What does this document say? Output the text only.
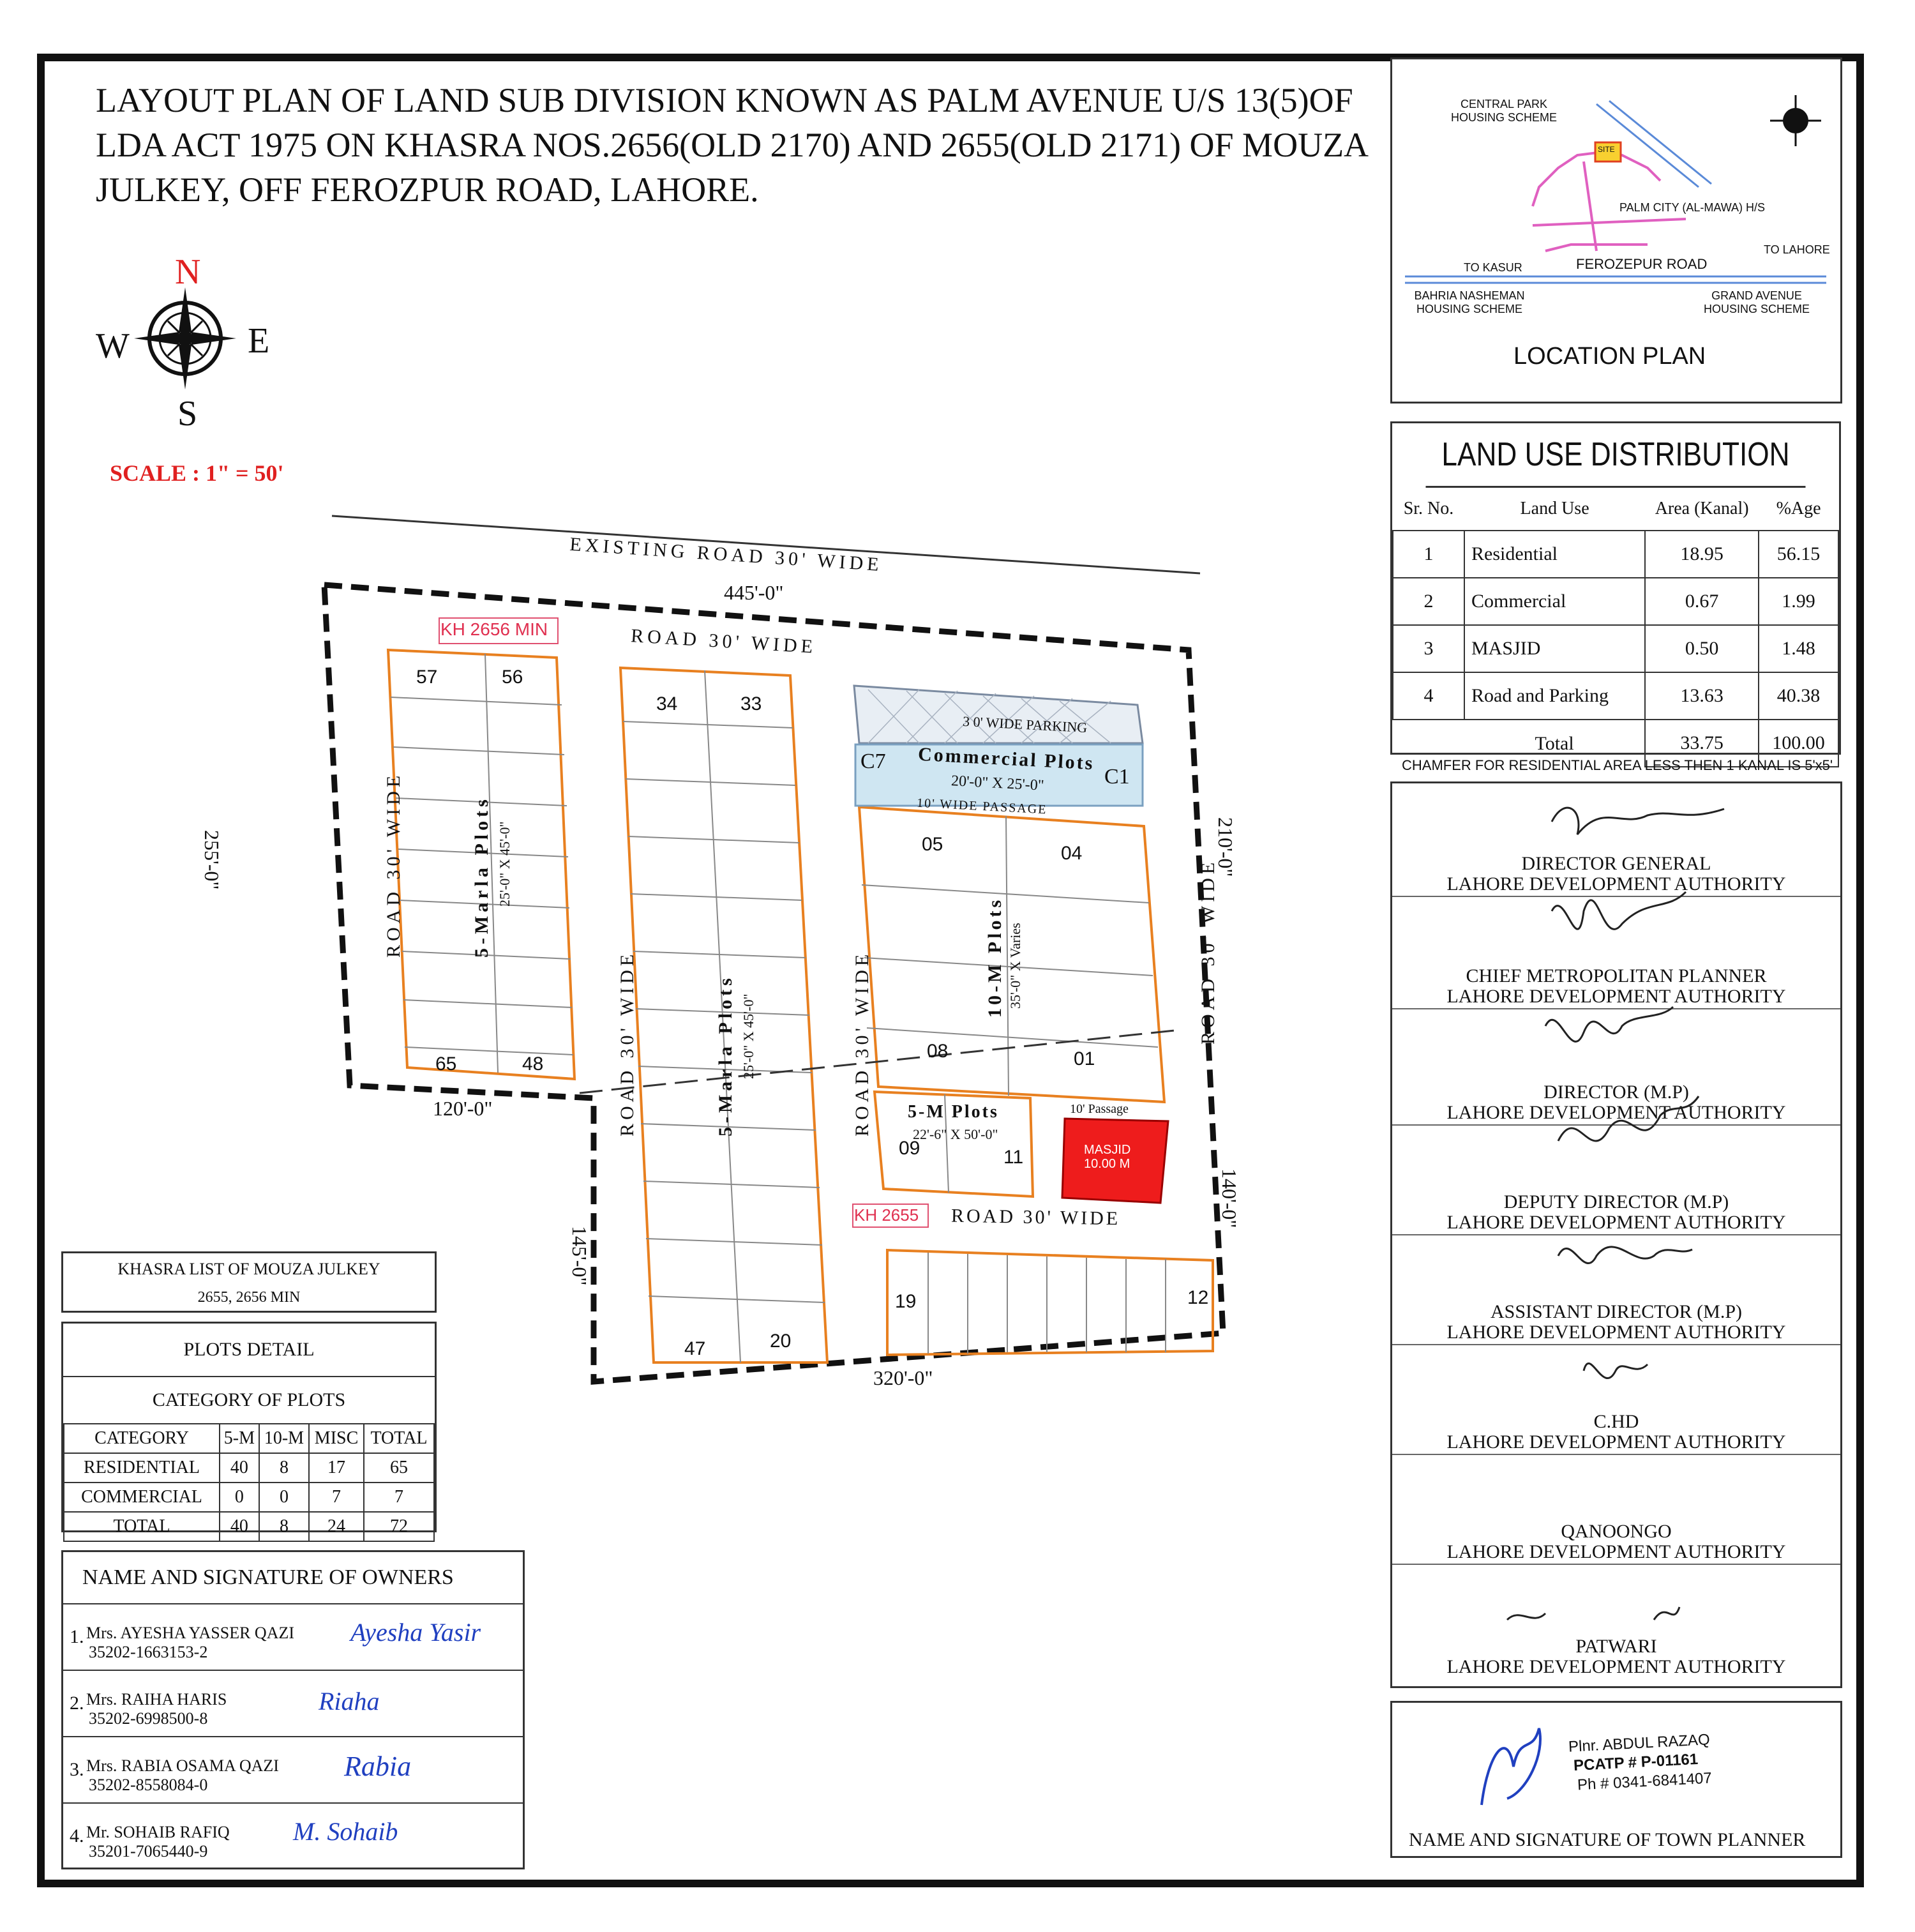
LAYOUT PLAN OF LAND SUB DIVISION KNOWN AS PALM AVENUE U/S 13(5)OF LDA ACT 1975 ON KHASRA NOS.2656(OLD 2170) AND 2655(OLD 2171) OF MOUZA JULKEY, OFF FEROZPUR ROAD, LAHORE.
N
S
E
W
SCALE : 1" = 50'
EXISTING ROAD 30' WIDE
445'-0"
ROAD 30' WIDE
KH 2656 MIN
KH 2655
255'-0"	210'-0"
140'-0"
145'-0"
320'-0"
120'-0"
ROAD 30' WIDE
ROAD 30' WIDE	ROAD 30' WIDE	ROAD 30' WIDE
ROAD 30' WIDE
3 0' WIDE PARKING
Commercial Plots
20'-0" X 25'-0"
C7
C1
10' WIDE PASSAGE
10' Passage
MASJID
10.00 M
5-Marla Plots 25'-0" X 45'-0"
5-Marla Plots 25'-0" X 45'-0"
10-M Plots 35'-0" X Varies
5-M Plots
22'-6" X 50'-0"
57	56
65	48
34	33
47	20
05	04
08	01
09	11
19	12
CENTRAL PARK HOUSING SCHEME
SITE
PALM CITY (AL-MAWA) H/S
TO KASUR	FEROZEPUR ROAD
TO LAHORE
BAHRIA NASHEMAN HOUSING SCHEME
GRAND AVENUE HOUSING SCHEME
LOCATION PLAN
LAND USE DISTRIBUTION
Sr. No.	Land Use	Area (Kanal)	%Age
1	Residential	18.95	56.15
2	Commercial	0.67	1.99
3	MASJID	0.50	1.48
4	Road and Parking	13.63	40.38
	Total	33.75	100.00
CHAMFER FOR RESIDENTIAL AREA LESS THEN 1 KANAL IS 5'x5'
DIRECTOR GENERAL
LAHORE DEVELOPMENT AUTHORITY
CHIEF METROPOLITAN PLANNER
LAHORE DEVELOPMENT AUTHORITY
DIRECTOR (M.P)
LAHORE DEVELOPMENT AUTHORITY
DEPUTY DIRECTOR (M.P)
LAHORE DEVELOPMENT AUTHORITY
ASSISTANT DIRECTOR (M.P)
LAHORE DEVELOPMENT AUTHORITY
C.HD
LAHORE DEVELOPMENT AUTHORITY
QANOONGO
LAHORE DEVELOPMENT AUTHORITY
PATWARI
LAHORE DEVELOPMENT AUTHORITY
Plnr. ABDUL RAZAQ
PCATP # P-01161
Ph # 0341-6841407
NAME AND SIGNATURE OF TOWN PLANNER
KHASRA LIST OF MOUZA JULKEY
2655, 2656 MIN
PLOTS DETAIL
CATEGORY OF PLOTS
CATEGORY	5-M	10-M	MISC	TOTAL
RESIDENTIAL	40	8	17	65
COMMERCIAL	0	0	7	7
TOTAL	40	8	24	72
NAME AND SIGNATURE OF OWNERS
1. Mrs. AYESHA YASSER QAZI
35202-1663153-2
Ayesha Yasir
2. Mrs. RAIHA HARIS
35202-6998500-8
Riaha
3. Mrs. RABIA OSAMA QAZI
35202-8558084-0
Rabia
4. Mr. SOHAIB RAFIQ
35201-7065440-9
M. Sohaib
